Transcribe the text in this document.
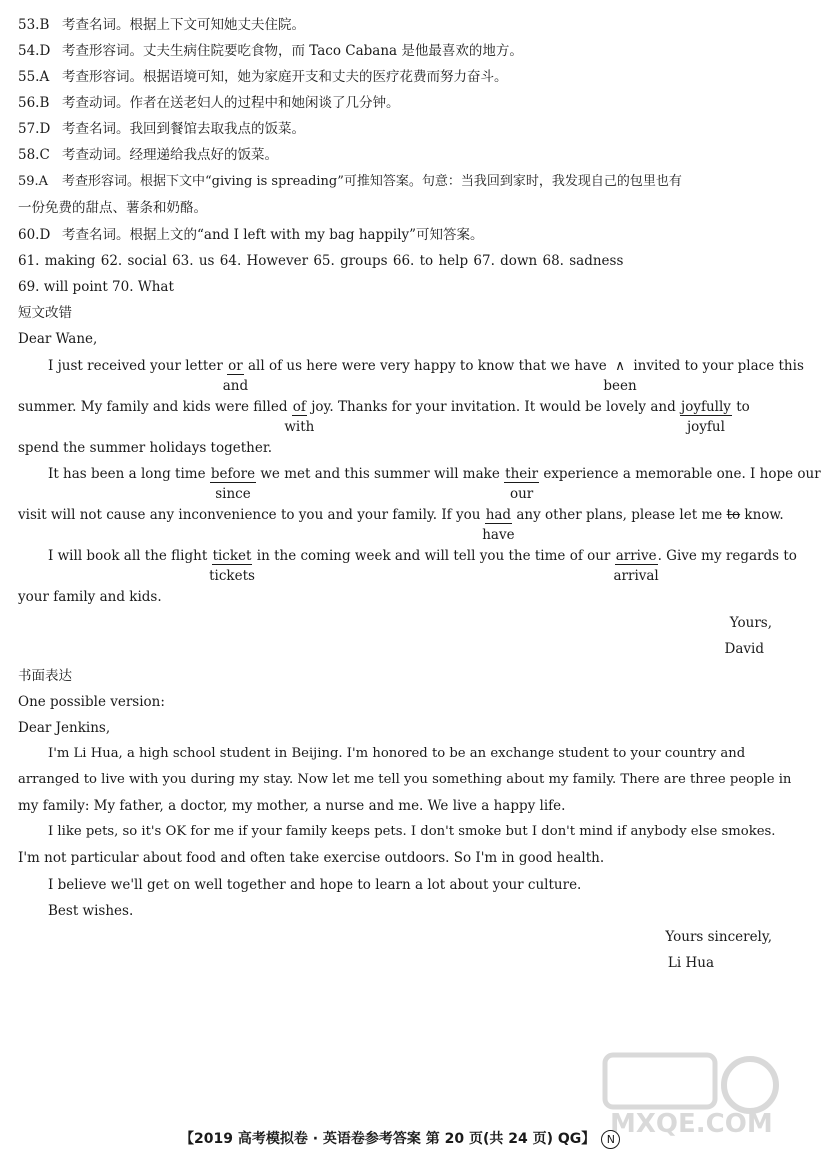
53.B 考查名词。根据上下文可知她丈夫住院。
54.D 考查形容词。丈夫生病住院要吃食物，而 Taco Cabana 是他最喜欢的地方。
55.A 考查形容词。根据语境可知，她为家庭开支和丈夫的医疗花费而努力奋斗。
56.B 考查动词。作者在送老妇人的过程中和她闲谈了几分钟。
57.D 考查名词。我回到餐馆去取我点的饭菜。
58.C 考查动词。经理递给我点好的饭菜。
59.A 考查形容词。根据下文中“giving is spreading”可推知答案。句意：当我回到家时，我发现自己的包里也有
一份免费的甜点、薯条和奶酪。
60.D 考查名词。根据上文的“and I left with my bag happily”可知答案。
61. making 62. social 63. us 64. However 65. groups 66. to help 67. down 68. sadness
69. will point 70. What
短文改错
Dear Wane,
I just received your letter or
and
all of us here were very happy to know that we have ∧
been
invited to your place this
summer. My family and kids were filled of
with
joy. Thanks for your invitation. It would be lovely and joyfully
joyful
to
spend the summer holidays together.
It has been a long time before
since
we met and this summer will make their
our
experience a memorable one. I hope our
visit will not cause any inconvenience to you and your family. If you had
have
any other plans, please let me to know.
I will book all the flight ticket
tickets
in the coming week and will tell you the time of our arrive
arrival
. Give my regards to
your family and kids.
Yours,
David
书面表达
One possible version:
Dear Jenkins,
I'm Li Hua, a high school student in Beijing. I'm honored to be an exchange student to your country and
arranged to live with you during my stay. Now let me tell you something about my family. There are three people in
my family: My father, a doctor, my mother, a nurse and me. We live a happy life.
I like pets, so it's OK for me if your family keeps pets. I don't smoke but I don't mind if anybody else smokes.
I'm not particular about food and often take exercise outdoors. So I'm in good health.
I believe we'll get on well together and hope to learn a lot about your culture.
Best wishes.
Yours sincerely,
Li Hua
MXQE.COM
【2019 高考模拟卷 · 英语卷参考答案 第 20 页(共 24 页) QG】 N
